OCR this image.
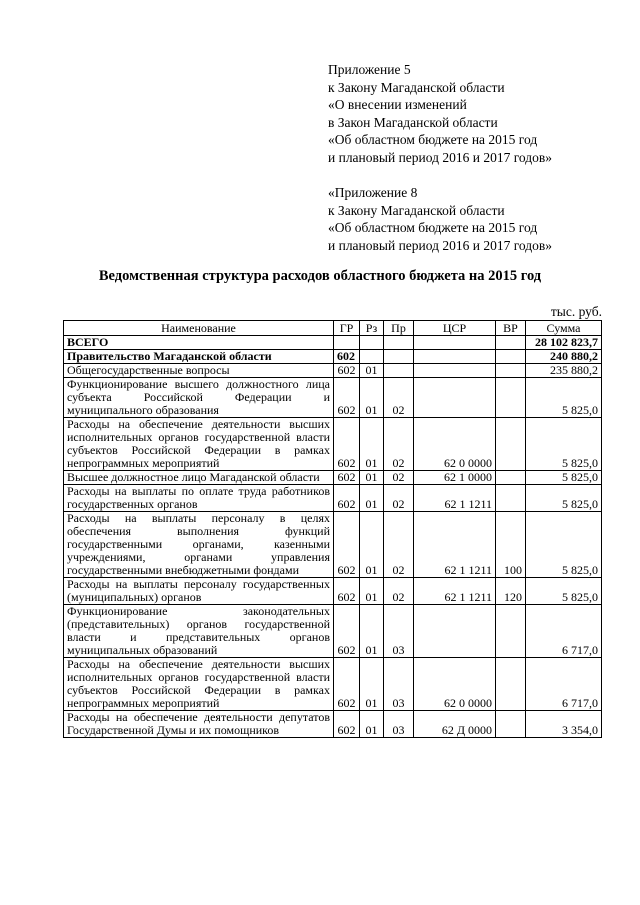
Приложение 5
к Закону Магаданской области
«О внесении изменений
в Закон Магаданской области
«Об областном бюджете на 2015 год
и плановый период 2016 и 2017 годов»
«Приложение 8
к Закону Магаданской области
«Об областном бюджете на 2015 год
и плановый период 2016 и 2017 годов»
Ведомственная структура расходов областного бюджета на 2015 год
тыс. руб.
Наименование	ГР	Рз	Пр	ЦСР	ВР	Сумма
ВСЕГО						28 102 823,7
Правительство Магаданской области	602					240 880,2
Общегосударственные вопросы	602	01				235 880,2
Функционирование высшего должностного лица субъекта Российской Федерации и муниципального образования	602	01	02			5 825,0
Расходы на обеспечение деятельности высших исполнительных органов государственной власти субъектов Российской Федерации в рамках непрограммных мероприятий	602	01	02	62 0 0000		5 825,0
Высшее должностное лицо Магаданской области	602	01	02	62 1 0000		5 825,0
Расходы на выплаты по оплате труда работников государственных органов	602	01	02	62 1 1211		5 825,0
Расходы на выплаты персоналу в целях обеспечения выполнения функций государственными органами, казенными учреждениями, органами управления государственными внебюджетными фондами	602	01	02	62 1 1211	100	5 825,0
Расходы на выплаты персоналу государственных (муниципальных) органов	602	01	02	62 1 1211	120	5 825,0
Функционирование законодательных (представительных) органов государственной власти и представительных органов муниципальных образований	602	01	03			6 717,0
Расходы на обеспечение деятельности высших исполнительных органов государственной власти субъектов Российской Федерации в рамках непрограммных мероприятий	602	01	03	62 0 0000		6 717,0
Расходы на обеспечение деятельности депутатов Государственной Думы и их помощников	602	01	03	62 Д 0000		3 354,0
